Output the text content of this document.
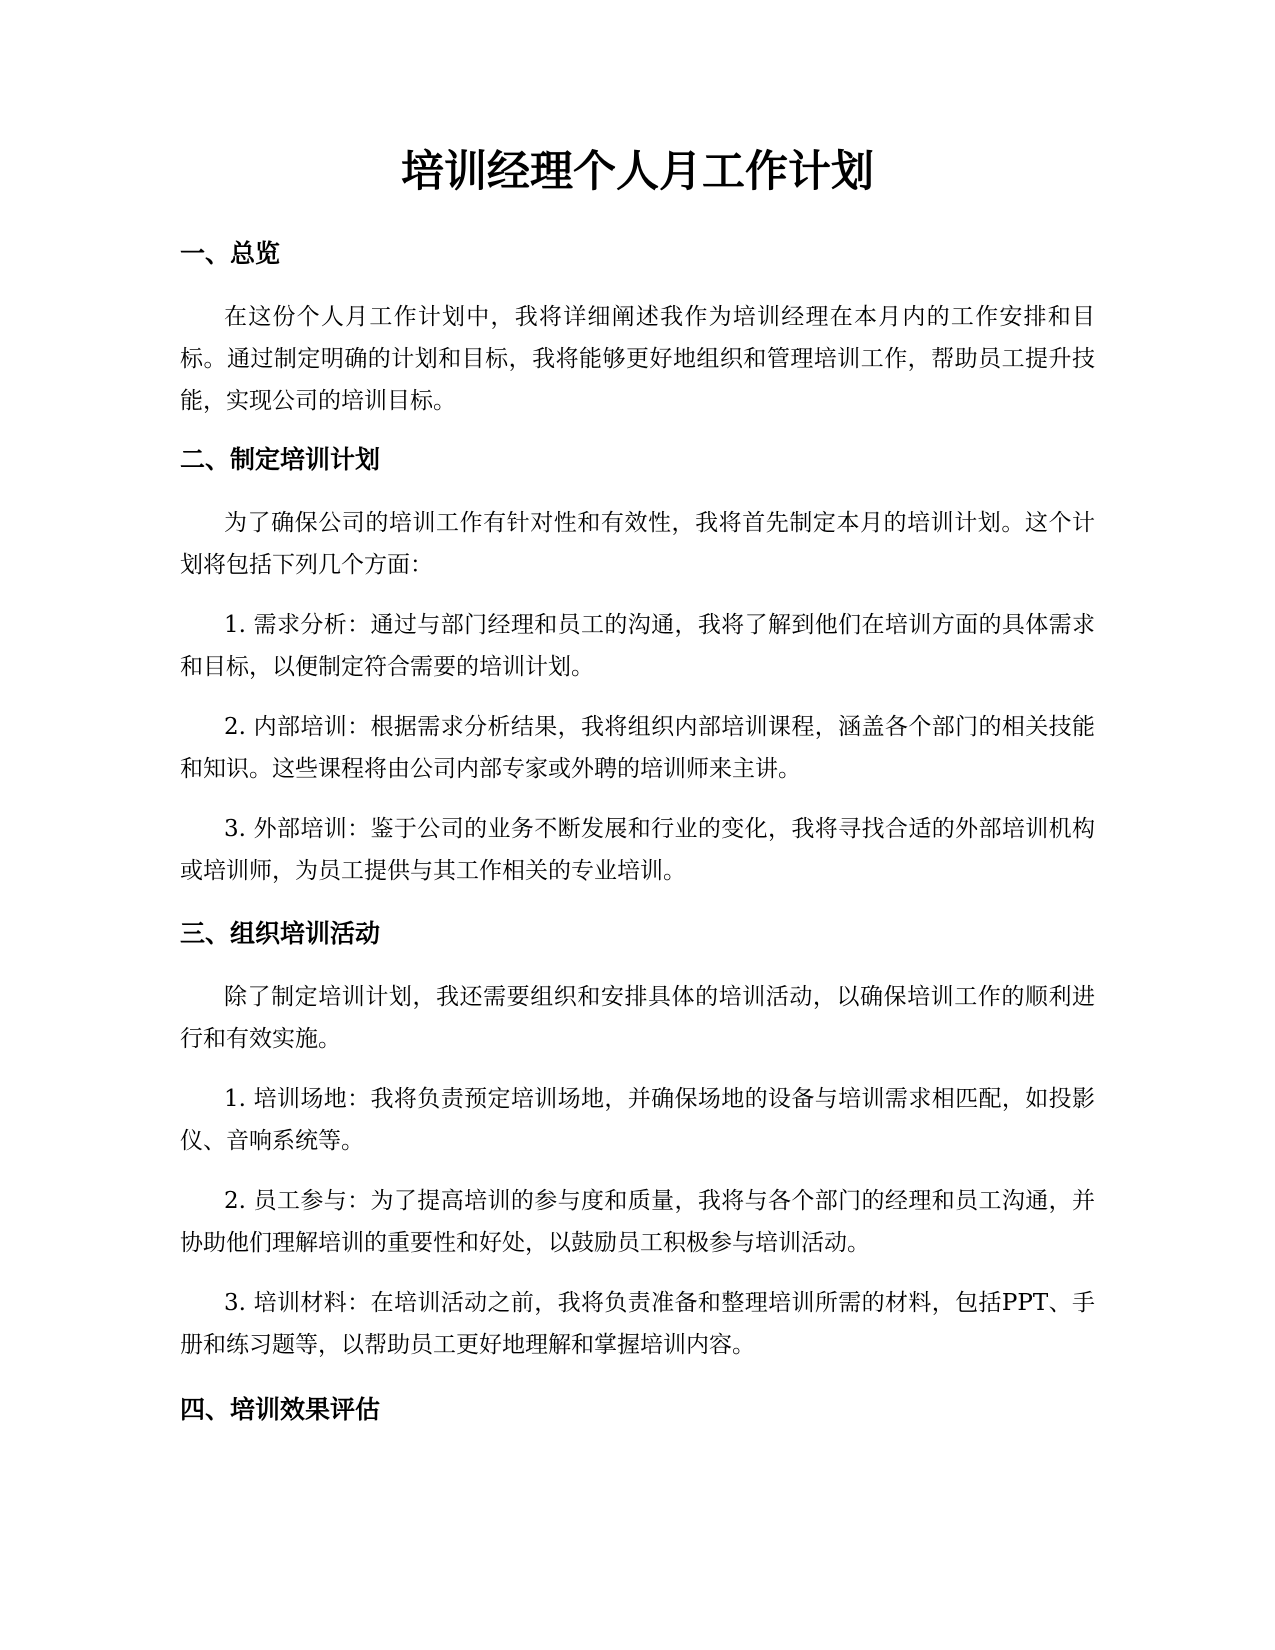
培训经理个人月工作计划
一、总览

在这份个人月工作计划中，我将详细阐述我作为培训经理在本月内的工作安排和目标。通过制定明确的计划和目标，我将能够更好地组织和管理培训工作，帮助员工提升技能，实现公司的培训目标。

二、制定培训计划

为了确保公司的培训工作有针对性和有效性，我将首先制定本月的培训计划。这个计划将包括下列几个方面：

1. 需求分析：通过与部门经理和员工的沟通，我将了解到他们在培训方面的具体需求和目标，以便制定符合需要的培训计划。

2. 内部培训：根据需求分析结果，我将组织内部培训课程，涵盖各个部门的相关技能和知识。这些课程将由公司内部专家或外聘的培训师来主讲。

3. 外部培训：鉴于公司的业务不断发展和行业的变化，我将寻找合适的外部培训机构或培训师，为员工提供与其工作相关的专业培训。

三、组织培训活动

除了制定培训计划，我还需要组织和安排具体的培训活动，以确保培训工作的顺利进行和有效实施。

1. 培训场地：我将负责预定培训场地，并确保场地的设备与培训需求相匹配，如投影仪、音响系统等。

2. 员工参与：为了提高培训的参与度和质量，我将与各个部门的经理和员工沟通，并协助他们理解培训的重要性和好处，以鼓励员工积极参与培训活动。

3. 培训材料：在培训活动之前，我将负责准备和整理培训所需的材料，包括PPT、手册和练习题等，以帮助员工更好地理解和掌握培训内容。

四、培训效果评估
